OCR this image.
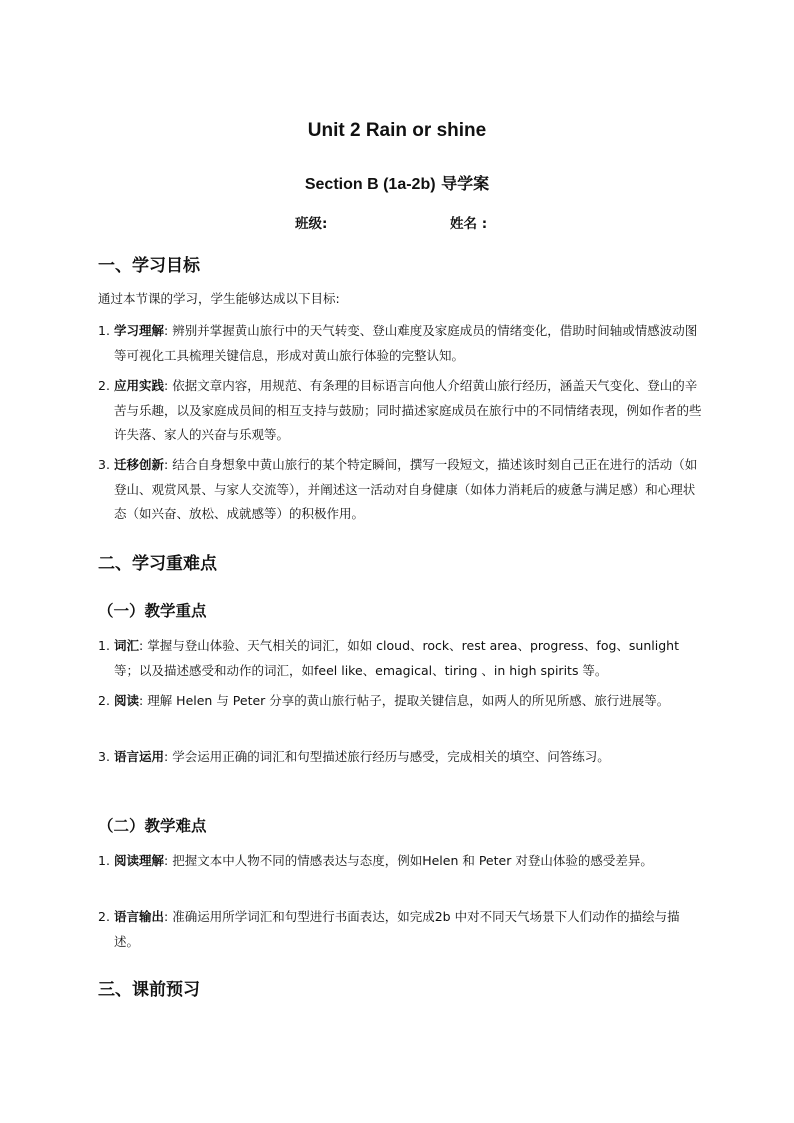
Unit 2 Rain or shine
Section B (1a-2b) 导学案
班级:	姓名 :
一、学习目标
通过本节课的学习，学生能够达成以下目标:
1. 学习理解: 辨别并掌握黄山旅行中的天气转变、登山难度及家庭成员的情绪变化，借助时间轴或情感波动图等可视化工具梳理关键信息，形成对黄山旅行体验的完整认知。
2. 应用实践: 依据文章内容，用规范、有条理的目标语言向他人介绍黄山旅行经历，涵盖天气变化、登山的辛苦与乐趣，以及家庭成员间的相互支持与鼓励；同时描述家庭成员在旅行中的不同情绪表现，例如作者的些许失落、家人的兴奋与乐观等。
3. 迁移创新: 结合自身想象中黄山旅行的某个特定瞬间，撰写一段短文，描述该时刻自己正在进行的活动（如登山、观赏风景、与家人交流等），并阐述这一活动对自身健康（如体力消耗后的疲惫与满足感）和心理状态（如兴奋、放松、成就感等）的积极作用。
二、学习重难点
（一）教学重点
1. 词汇: 掌握与登山体验、天气相关的词汇，如如 cloud、rock、rest area、progress、fog、sunlight 等；以及描述感受和动作的词汇，如feel like、emagical、tiring 、in high spirits 等。
2. 阅读: 理解 Helen 与 Peter 分享的黄山旅行帖子，提取关键信息，如两人的所见所感、旅行进展等。
3. 语言运用: 学会运用正确的词汇和句型描述旅行经历与感受，完成相关的填空、问答练习。
（二）教学难点
1. 阅读理解: 把握文本中人物不同的情感表达与态度，例如Helen 和 Peter 对登山体验的感受差异。
2. 语言输出: 准确运用所学词汇和句型进行书面表达，如完成2b 中对不同天气场景下人们动作的描绘与描述。
三、课前预习
